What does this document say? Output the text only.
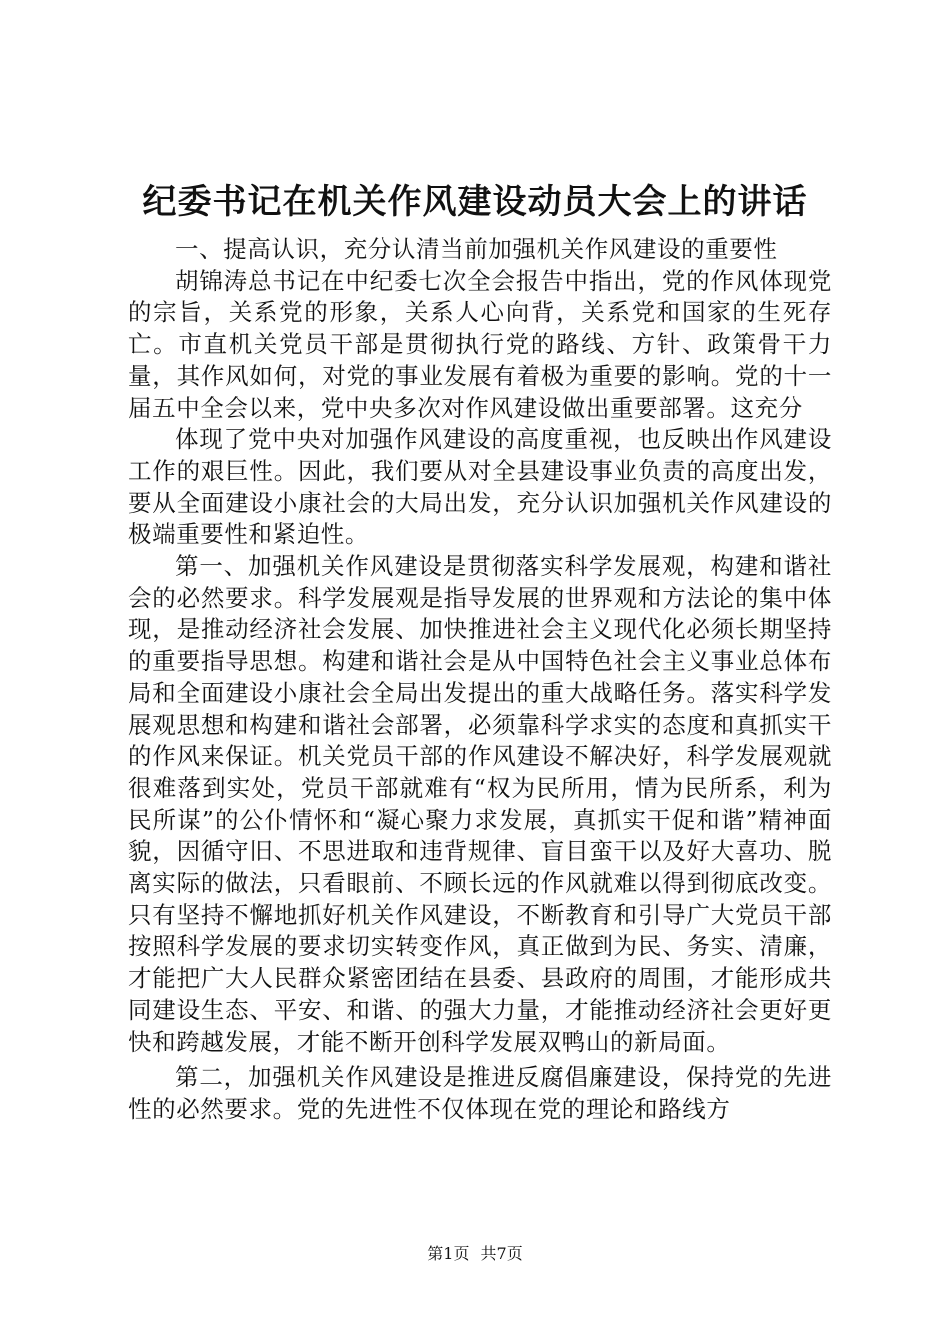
纪委书记在机关作风建设动员大会上的讲话

一、提高认识，充分认清当前加强机关作风建设的重要性

胡锦涛总书记在中纪委七次全会报告中指出，党的作风体现党的宗旨，关系党的形象，关系人心向背，关系党和国家的生死存亡。市直机关党员干部是贯彻执行党的路线、方针、政策骨干力量，其作风如何，对党的事业发展有着极为重要的影响。党的十一届五中全会以来，党中央多次对作风建设做出重要部署。这充分

体现了党中央对加强作风建设的高度重视，也反映出作风建设工作的艰巨性。因此，我们要从对全县建设事业负责的高度出发，要从全面建设小康社会的大局出发，充分认识加强机关作风建设的极端重要性和紧迫性。

第一、加强机关作风建设是贯彻落实科学发展观，构建和谐社会的必然要求。科学发展观是指导发展的世界观和方法论的集中体现，是推动经济社会发展、加快推进社会主义现代化必须长期坚持的重要指导思想。构建和谐社会是从中国特色社会主义事业总体布局和全面建设小康社会全局出发提出的重大战略任务。落实科学发展观思想和构建和谐社会部署，必须靠科学求实的态度和真抓实干的作风来保证。机关党员干部的作风建设不解决好，科学发展观就很难落到实处，党员干部就难有“权为民所用，情为民所系，利为民所谋”的公仆情怀和“凝心聚力求发展，真抓实干促和谐”精神面貌，因循守旧、不思进取和违背规律、盲目蛮干以及好大喜功、脱离实际的做法，只看眼前、不顾长远的作风就难以得到彻底改变。只有坚持不懈地抓好机关作风建设，不断教育和引导广大党员干部按照科学发展的要求切实转变作风，真正做到为民、务实、清廉，才能把广大人民群众紧密团结在县委、县政府的周围，才能形成共同建设生态、平安、和谐、的强大力量，才能推动经济社会更好更快和跨越发展，才能不断开创科学发展双鸭山的新局面。

第二，加强机关作风建设是推进反腐倡廉建设，保持党的先进性的必然要求。党的先进性不仅体现在党的理论和路线方

第1页 共7页
